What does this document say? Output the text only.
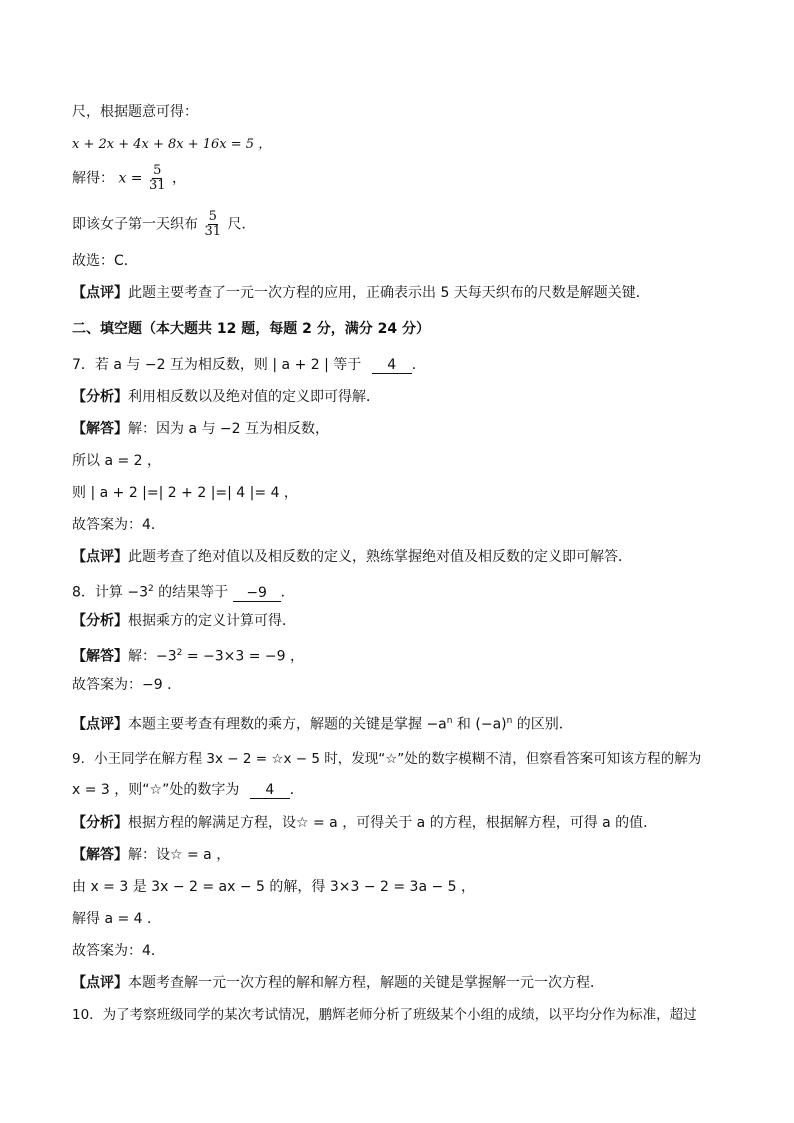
尺，根据题意可得：
x + 2x + 4x + 8x + 16x = 5 ，
解得： $x = \frac{5}{31}$ ，
即该女子第一天织布 $\frac{5}{31}$ 尺．
故选：C．
【点评】此题主要考查了一元一次方程的应用，正确表示出 5 天每天织布的尺数是解题关键．
二、填空题（本大题共 12 题，每题 2 分，满分 24 分）
7．若 a 与 −2 互为相反数，则 | a + 2 | 等于 4 ．
【分析】利用相反数以及绝对值的定义即可得解．
【解答】解：因为 a 与 −2 互为相反数，
所以 a = 2 ，
则 | a + 2 |=| 2 + 2 |=| 4 |= 4 ，
故答案为：4．
【点评】此题考查了绝对值以及相反数的定义，熟练掌握绝对值及相反数的定义即可解答．
8．计算 $-3^2$ 的结果等于 −9 ．
【分析】根据乘方的定义计算可得．
【解答】解：$-3^2 = -3\times 3 = -9$ ，
故答案为：−9 ．
【点评】本题主要考查有理数的乘方，解题的关键是掌握 $-a^n$ 和 $(-a)^n$ 的区别．
9．小王同学在解方程 3x − 2 = ☆x − 5 时，发现“☆”处的数字模糊不清，但察看答案可知该方程的解为
x = 3 ，则“☆”处的数字为 4 ．
【分析】根据方程的解满足方程，设☆ = a ，可得关于 a 的方程，根据解方程，可得 a 的值．
【解答】解：设☆ = a ，
由 x = 3 是 3x − 2 = ax − 5 的解，得 3×3 − 2 = 3a − 5 ，
解得 a = 4 ．
故答案为：4．
【点评】本题考查解一元一次方程的解和解方程，解题的关键是掌握解一元一次方程．
10．为了考察班级同学的某次考试情况，鹏辉老师分析了班级某个小组的成绩，以平均分作为标准，超过
